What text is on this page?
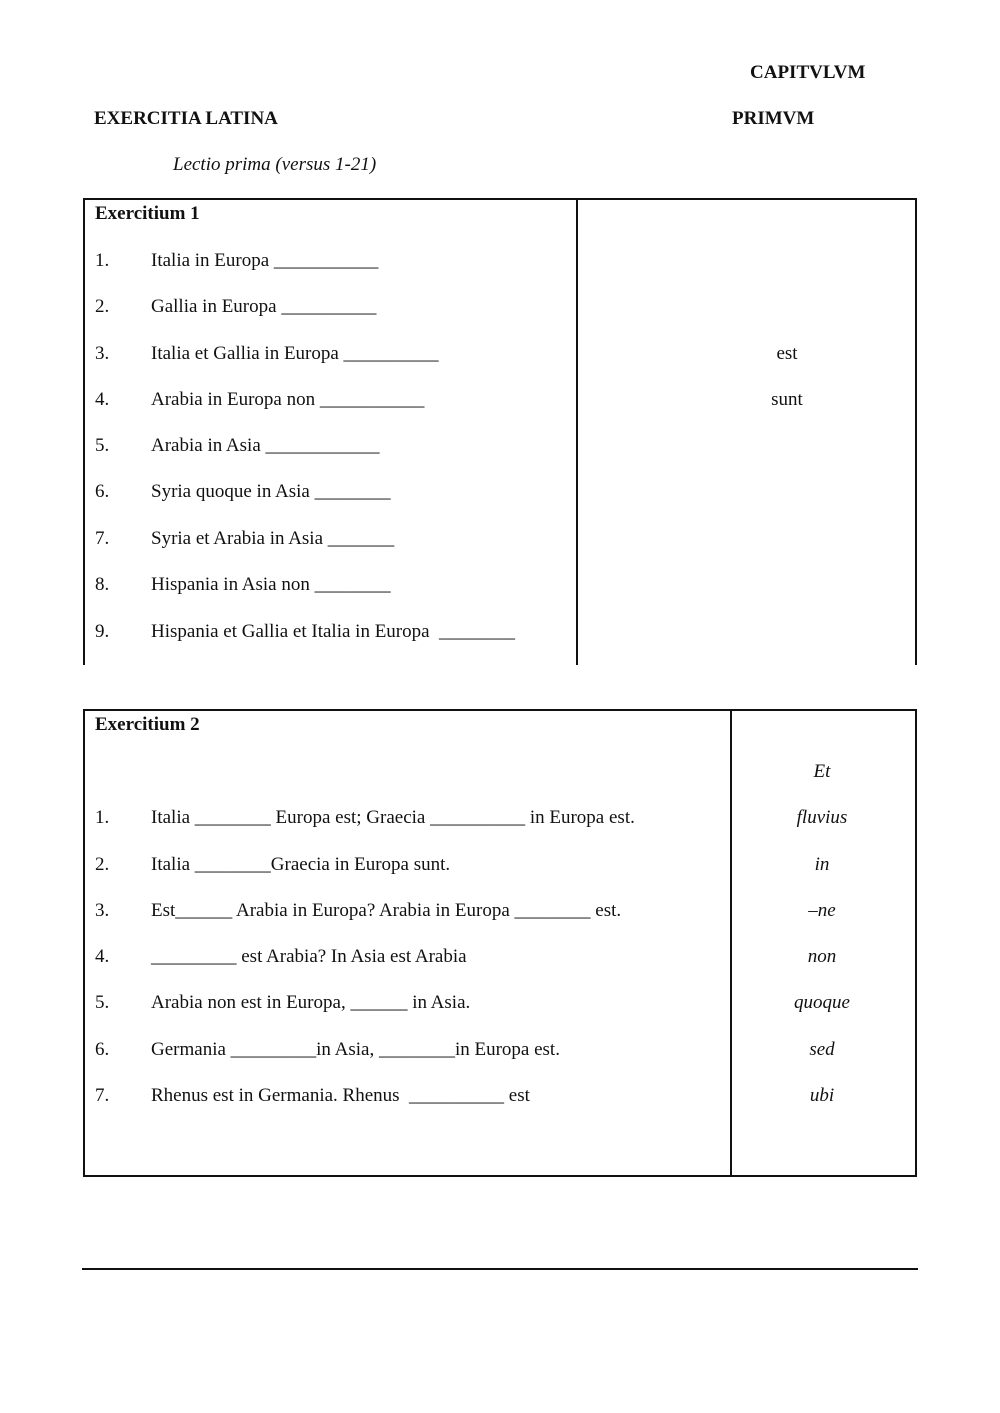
CAPITVLVM
EXERCITIA LATINA	PRIMVM
Lectio prima (versus 1-21)
Exercitium 1
1. Italia in Europa ___________
2. Gallia in Europa __________
3. Italia et Gallia in Europa __________
4. Arabia in Europa non ___________
5. Arabia in Asia ____________
6. Syria quoque in Asia ________
7. Syria et Arabia in Asia _______
8. Hispania in Asia non ________
9. Hispania et Gallia et Italia in Europa  ________
est
sunt
Exercitium 2
1. Italia ________ Europa est; Graecia __________ in Europa est.
2. Italia ________Graecia in Europa sunt.
3. Est______ Arabia in Europa? Arabia in Europa ________ est.
4. _________ est Arabia? In Asia est Arabia
5. Arabia non est in Europa, ______ in Asia.
6. Germania _________in Asia, ________in Europa est.
7. Rhenus est in Germania. Rhenus  __________ est
Et
fluvius
in
–ne
non
quoque
sed
ubi
